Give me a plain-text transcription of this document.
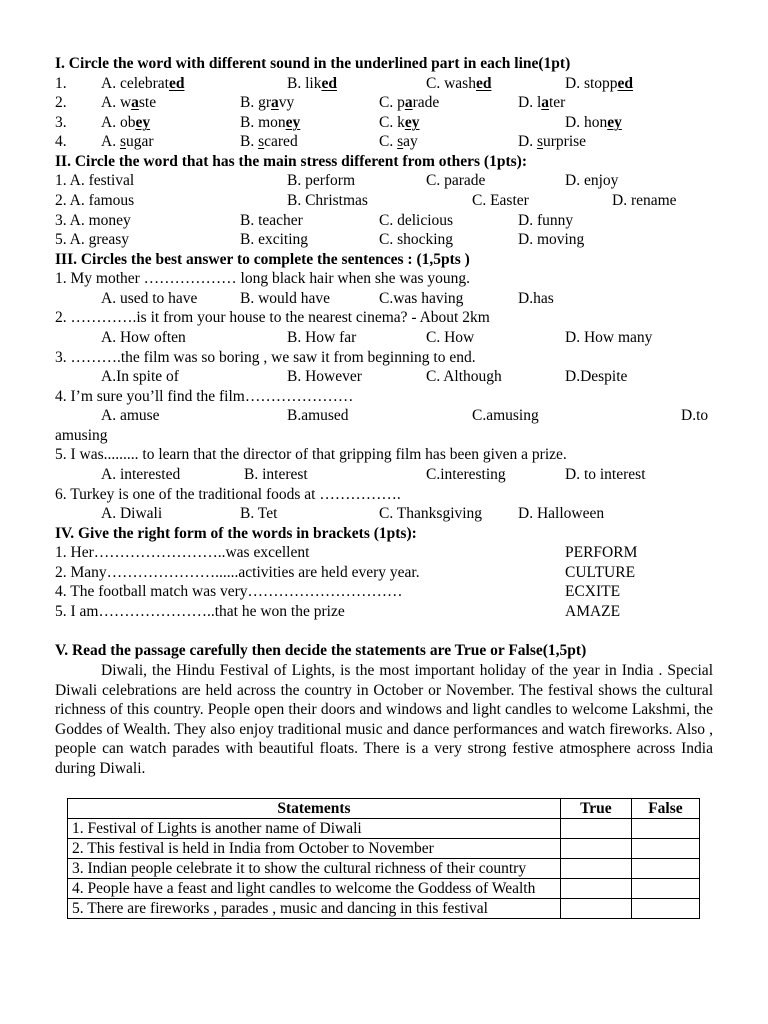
I. Circle the word with different sound in the underlined part in each line(1pt)
1. A. celebrated	B. liked	C. washed	D. stopped
2. A. waste	B. gravy	C. parade	D. later
3. A. obey	B. money	C. key	D. honey
4. A. sugar	B. scared	C. say	D. surprise
II. Circle the word that has the main stress different from others (1pts):
1. A. festival	B. perform	C. parade	D. enjoy
2. A. famous	B. Christmas	C. Easter	D. rename
3. A. money	B. teacher	C. delicious	D. funny
5. A. greasy	B. exciting	C. shocking	D. moving
III. Circles the best answer to complete the sentences : (1,5pts )
1. My mother ……………… long black hair when she was young.
A. used to have	B. would have	C.was having	D.has
2. ………….is it from your house to the nearest cinema? - About 2km
A. How often	B. How far	C. How	D. How many
3. ……….the film was so boring , we saw it from beginning to end.
A.In spite of	B. However	C. Although	D.Despite
4. I’m sure you’ll find the film…………………
A. amuse	B.amused	C.amusing	D.to
amusing
5. I was......... to learn that the director of that gripping film has been given a prize.
A. interested	B. interest	C.interesting	D. to interest
6. Turkey is one of the traditional foods at …………….
A. Diwali	B. Tet	C. Thanksgiving D. Halloween
IV. Give the right form of the words in brackets (1pts):
1. Her……………………..was excellent	PERFORM
2. Many…………………......activities are held every year.	CULTURE
4. The football match was very…………………………	ECXITE
5. I am…………………..that he won the prize	AMAZE
V. Read the passage carefully then decide the statements are True or False(1,5pt)
Diwali, the Hindu Festival of Lights, is the most important holiday of the year in India . Special Diwali celebrations are held across the country in October or November. The festival shows the cultural richness of this country. People open their doors and windows and light candles to welcome Lakshmi, the Goddes of Wealth. They also enjoy traditional music and dance performances and watch fireworks. Also , people can watch parades with beautiful floats. There is a very strong festive atmosphere across India during Diwali.
Statements	True	False
1. Festival of Lights is another name of Diwali		
2. This festival is held in India from October to November		
3. Indian people celebrate it to show the cultural richness of their country		
4. People have a feast and light candles to welcome the Goddess of Wealth		
5. There are fireworks , parades , music and dancing in this festival		
